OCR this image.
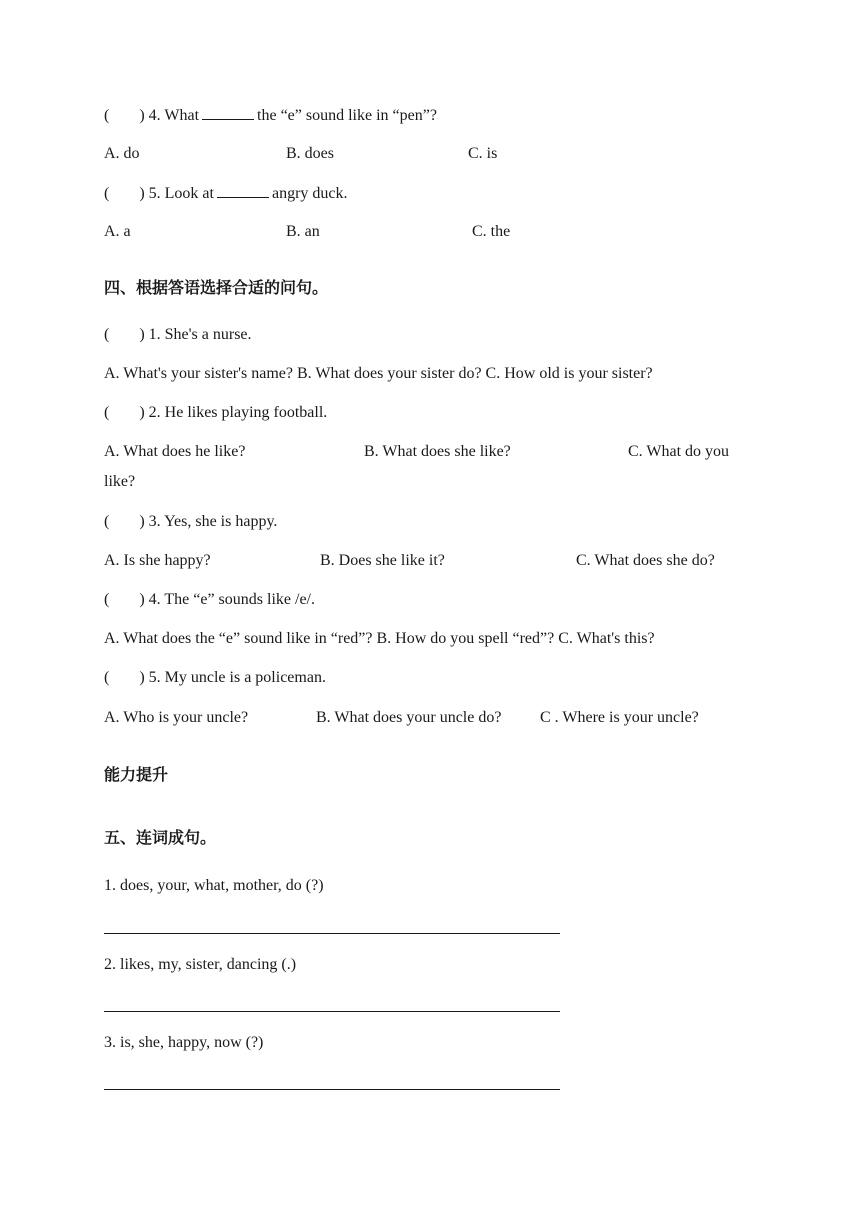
( ) 4. What	the “e” sound like in “pen”?
A. do	B. does	C. is
( ) 5. Look at	angry duck.
A. a	B. an	C. the
四、根据答语选择合适的问句。
( ) 1. She's a nurse.
A. What's your sister's name? B. What does your sister do? C. How old is your sister?
( ) 2. He likes playing football.
A. What does he like?	B. What does she like?	C. What do you
like?
( ) 3. Yes, she is happy.
A. Is she happy?	B. Does she like it?	C. What does she do?
( ) 4. The “e” sounds like /e/.
A. What does the “e” sound like in “red”? B. How do you spell “red”? C. What's this?
( ) 5. My uncle is a policeman.
A. Who is your uncle?	B. What does your uncle do? C . Where is your uncle?
能力提升
五、连词成句。
1. does, your, what, mother, do (?)
2. likes, my, sister, dancing (.)
3. is, she, happy, now (?)
